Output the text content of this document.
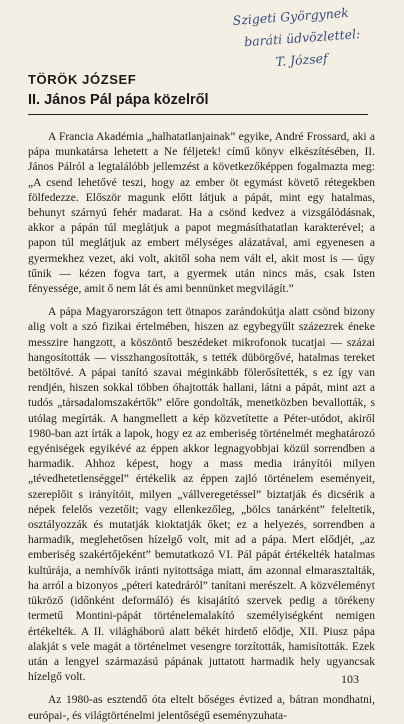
Szigeti Györgynek
baráti üdvözlettel:
T. József
TÖRÖK JÓZSEF
II. János Pál pápa közelről

A Francia Akadémia „halhatatlanjainak” egyike, André Frossard, aki a pápa munkatársa lehetett a Ne féljetek! című könyv elkészítésében, II. János Pálról a legtalálóbb jellemzést a következőképpen fogalmazta meg: „A csend lehetővé teszi, hogy az ember öt egymást követő rétegekben fölfedezze. Először magunk előtt látjuk a pápát, mint egy hatalmas, behunyt szárnyú fehér madarat. Ha a csönd kedvez a vizsgálódásnak, akkor a pápán túl meglátjuk a papot megmásíthatatlan karakterével; a papon túl meglátjuk az embert mélységes alázatával, ami egyenesen a gyermekhez vezet, aki volt, akitől soha nem vált el, akit most is — úgy tűnik — kézen fogva tart, a gyermek után nincs más, csak Isten fényessége, amit ő nem lát és ami bennünket megvilágít.”

A pápa Magyarországon tett ötnapos zarándokútja alatt csönd bizony alig volt a szó fizikai értelmében, hiszen az egybegyűlt százezrek éneke messzire hangzott, a köszöntő beszédeket mikrofonok tucatjai — százai hangosították — visszhangosították, s tették dübörgővé, hatalmas tereket betöltővé. A pápai tanító szavai méginkább fölerősítették, s ez így van rendjén, hiszen sokkal többen óhajtották hallani, látni a pápát, mint azt a tudós „társadalomszakértők” előre gondolták, menetközben bevallották, s utólag megírták. A hangmellett a kép közvetítette a Péter-utódot, akiről 1980-ban azt írták a lapok, hogy ez az emberiség történelmét meghatározó egyéniségek egyikévé az éppen akkor legnagyobbjai közül sorrendben a harmadik. Ahhoz képest, hogy a mass media irányítói milyen „tévedhetetlenséggel” értékelik az éppen zajló történelem eseményeit, szereplőit s irányítóit, milyen „vállveregetéssel” biztatják és dicsérik a népek felelős vezetőit; vagy ellenkezőleg, „bölcs tanárként” feleltetik, osztályozzák és mutatják kioktatják őket; ez a helyezés, sorrendben a harmadik, meglehetősen hízelgő volt, mit ad a pápa. Mert elődjét, „az emberiség szakértőjeként” bemutatkozó VI. Pál pápát értékelték hatalmas kultúrája, a nemhívők iránti nyitottsága miatt, ám azonnal elmarasztalták, ha arról a bizonyos „péteri katedráról” tanítani merészelt. A közvéleményt tükröző (időnként deformáló) és kisajátító szervek pedig a törékeny termetű Montini-pápát történelemalakító személyiségként nemigen értékelték. A II. világháború alatt békét hirdető elődje, XII. Piusz pápa alakját s vele magát a történelmet vesengre torzították, hamisították. Ezek után a lengyel származású pápának juttatott harmadik hely ugyancsak hízelgő volt.

Az 1980-as esztendő óta eltelt bőséges évtized a, bátran mondhatni, európai-, és világtörténelmi jelentőségű eseményzuhata-

103
